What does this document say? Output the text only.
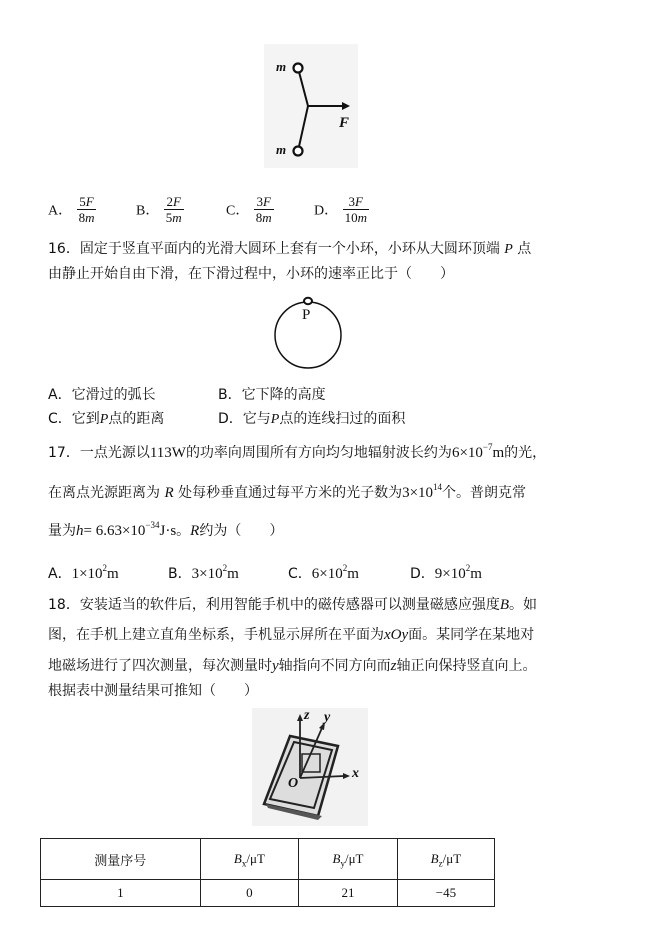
m
m
F
A． $\frac{5F}{8m}$	B． $\frac{2F}{5m}$	C． $\frac{3F}{8m}$	D． $\frac{3F}{10m}$
16．固定于竖直平面内的光滑大圆环上套有一个小环，小环从大圆环顶端 P 点
由静止开始自由下滑，在下滑过程中，小环的速率正比于（　　）
P
A．它滑过的弧长	B．它下降的高度
C．它到P点的距离	D．它与P点的连线扫过的面积
17．一点光源以113W的功率向周围所有方向均匀地辐射波长约为$6\times 10^{-7}m$的光，
在离点光源距离为 R 处每秒垂直通过每平方米的光子数为$3\times 10^{14}$个。普朗克常
量为$h= 6.63\times 10^{-34}J\cdot s$。R约为（　　）
A．$1\times 10^2m$	B．$3\times 10^2m$	C．$6\times 10^2m$	D．$9\times 10^2m$
18．安装适当的软件后，利用智能手机中的磁传感器可以测量磁感应强度B。如
图，在手机上建立直角坐标系，手机显示屏所在平面为xOy面。某同学在某地对
地磁场进行了四次测量，每次测量时y轴指向不同方向而z轴正向保持竖直向上。
根据表中测量结果可推知（　　）
z y
x
O
测量序号	$B_x/\mu T$	$B_y/\mu T$	$B_z/\mu T$
1	0	21	−45
